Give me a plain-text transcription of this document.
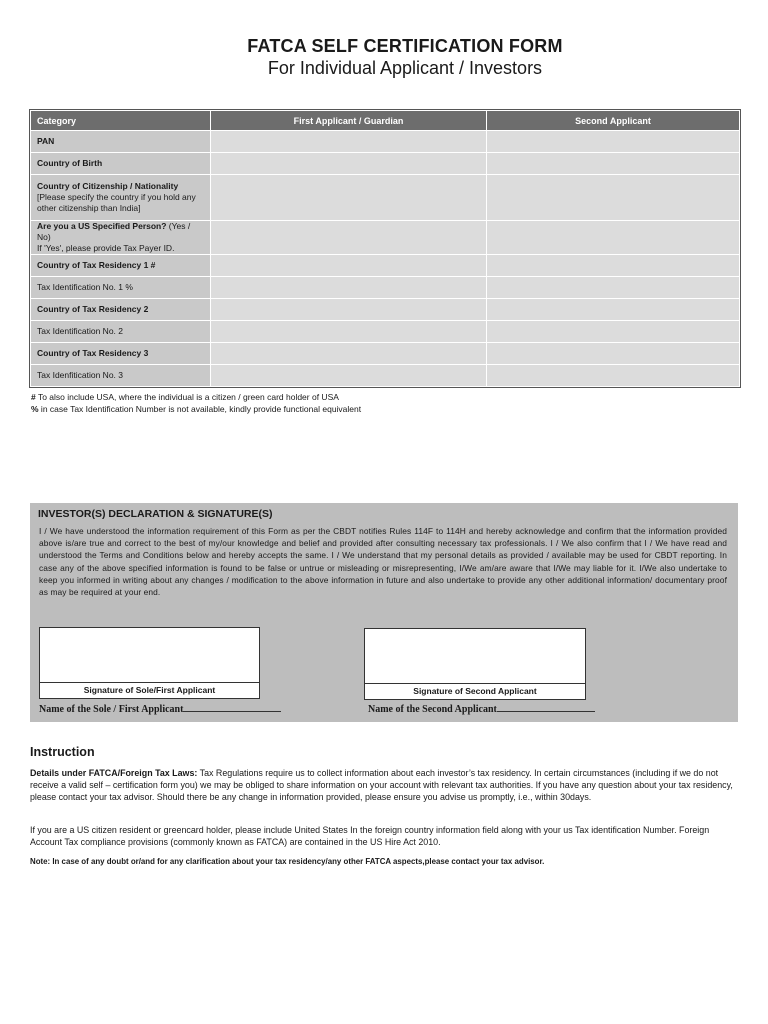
FATCA SELF CERTIFICATION FORM
For Individual Applicant / Investors
Category	First Applicant / Guardian	Second Applicant
PAN		
Country of Birth		
Country of Citizenship / Nationality
[Please specify the country if you hold any other citizenship than India]		
Are you a US Specified Person? (Yes / No)
If 'Yes', please provide Tax Payer ID.		
Country of Tax Residency 1 #		
Tax Identification No. 1 %		
Country of Tax Residency 2		
Tax Identification No. 2		
Country of Tax Residency 3		
Tax Idenfitication No. 3		
# To also include USA, where the individual is a citizen / green card holder of USA
% in case Tax Identification Number is not available, kindly provide functional equivalent
INVESTOR(S) DECLARATION & SIGNATURE(S)
I / We have understood the information requirement of this Form as per the CBDT notifies Rules 114F to 114H and hereby acknowledge and confirm that the information provided above is/are true and correct to the best of my/our knowledge and belief and provided after consulting necessary tax professionals. I / We also confirm that I / We have read and understood the Terms and Conditions below and hereby accepts the same. I / We understand that my personal details as provided / available may be used for CBDT reporting. In case any of the above specified information is found to be false or untrue or misleading or misrepresenting, I/We am/are aware that I/We may liable for it. I/We also undertake to keep you informed in writing about any changes / modification to the above information in future and also undertake to provide any other additional information/ documentary proof as may be required at your end.
Signature of Sole/First Applicant	Signature of Second Applicant
Name of the Sole / First Applicant	Name of the Second Applicant
Instruction
Details under FATCA/Foreign Tax Laws: Tax Regulations require us to collect information about each investor’s tax residency. In certain circumstances (including if we do not receive a valid self – certification form you) we may be obliged to share information on your account with relevant tax authorities. If you have any question about your tax residency, please contact your tax advisor. Should there be any change in information provided, please ensure you advise us promptly, i.e., within 30days.
If you are a US citizen resident or greencard holder, please include United States In the foreign country information field along with your us Tax identification Number. Foreign Account Tax compliance provisions (commonly known as FATCA) are contained in the US Hire Act 2010.
Note: In case of any doubt or/and for any clarification about your tax residency/any other FATCA aspects,please contact your tax advisor.
